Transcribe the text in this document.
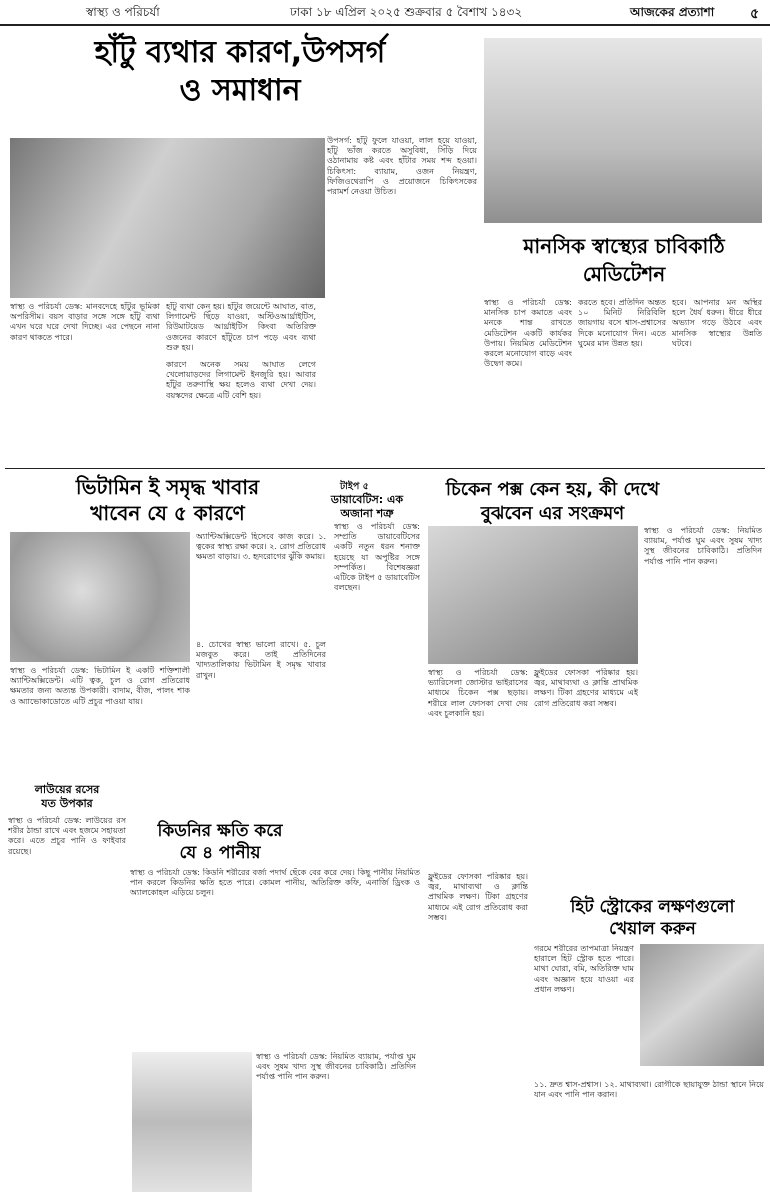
স্বাস্থ্য ও পরিচর্যা	ঢাকা ১৮ এপ্রিল ২০২৫ শুক্রবার ৫ বৈশাখ ১৪৩২	আজকের প্রত্যাশা	৫
হাঁটু ব্যথার কারণ,উপসর্গ
ও সমাধান
স্বাস্থ্য ও পরিচর্যা ডেস্ক: মানবদেহে হাঁটুর ভূমিকা অপরিসীম। বয়স বাড়ার সঙ্গে সঙ্গে হাঁটু ব্যথা এখন ঘরে ঘরে দেখা দিচ্ছে। এর পেছনে নানা কারণ থাকতে পারে।
হাঁটু ব্যথা কেন হয়। হাঁটুর জয়েন্টে আঘাত, বাত, লিগামেন্ট ছিঁড়ে যাওয়া, অস্টিওআর্থ্রাইটিস, রিউমাটয়েড আর্থ্রাইটিস কিংবা অতিরিক্ত ওজনের কারণে হাঁটুতে চাপ পড়ে এবং ব্যথা শুরু হয়।
কারণে অনেক সময় আঘাত লেগে খেলোয়াড়দের লিগামেন্ট ইনজুরি হয়। আবার হাঁটুর তরুণাস্থি ক্ষয় হলেও ব্যথা দেখা দেয়। বয়স্কদের ক্ষেত্রে এটি বেশি হয়।
উপসর্গ: হাঁটু ফুলে যাওয়া, লাল হয়ে যাওয়া, হাঁটু ভাঁজ করতে অসুবিধা, সিঁড়ি দিয়ে ওঠানামায় কষ্ট এবং হাঁটার সময় শব্দ হওয়া। চিকিৎসা: ব্যায়াম, ওজন নিয়ন্ত্রণ, ফিজিওথেরাপি ও প্রয়োজনে চিকিৎসকের পরামর্শ নেওয়া উচিত।
মানসিক স্বাস্থ্যের চাবিকাঠি
মেডিটেশন
স্বাস্থ্য ও পরিচর্যা ডেস্ক: মানসিক চাপ কমাতে এবং মনকে শান্ত রাখতে মেডিটেশন একটি কার্যকর উপায়। নিয়মিত মেডিটেশন করলে মনোযোগ বাড়ে এবং উদ্বেগ কমে।
করতে হবে। প্রতিদিন অন্তত ১০ মিনিট নিরিবিলি জায়গায় বসে শ্বাস-প্রশ্বাসের দিকে মনোযোগ দিন। এতে ঘুমের মান উন্নত হয়।
হবে। আপনার মন অস্থির হলে ধৈর্য ধরুন। ধীরে ধীরে অভ্যাস গড়ে উঠবে এবং মানসিক স্বাস্থ্যের উন্নতি ঘটবে।
ভিটামিন ই সমৃদ্ধ খাবার
খাবেন যে ৫ কারণে
স্বাস্থ্য ও পরিচর্যা ডেস্ক: ভিটামিন ই একটি শক্তিশালী অ্যান্টিঅক্সিডেন্ট। এটি ত্বক, চুল ও রোগ প্রতিরোধ ক্ষমতার জন্য অত্যন্ত উপকারী। বাদাম, বীজ, পালং শাক ও অ্যাভোকাডোতে এটি প্রচুর পাওয়া যায়।
অ্যান্টিঅক্সিডেন্ট হিসেবে কাজ করে। ১. ত্বকের স্বাস্থ্য রক্ষা করে। ২. রোগ প্রতিরোধ ক্ষমতা বাড়ায়। ৩. হৃদরোগের ঝুঁকি কমায়।
৪. চোখের স্বাস্থ্য ভালো রাখে। ৫. চুল মজবুত করে। তাই প্রতিদিনের খাদ্যতালিকায় ভিটামিন ই সমৃদ্ধ খাবার রাখুন।
টাইপ ৫
ডায়াবেটিস: এক
অজানা শত্রু
স্বাস্থ্য ও পরিচর্যা ডেস্ক: সম্প্রতি ডায়াবেটিসের একটি নতুন ধরন শনাক্ত হয়েছে যা অপুষ্টির সঙ্গে সম্পর্কিত। বিশেষজ্ঞরা এটিকে টাইপ ৫ ডায়াবেটিস বলছেন।
চিকেন পক্স কেন হয়, কী দেখে
বুঝবেন এর সংক্রমণ
স্বাস্থ্য ও পরিচর্যা ডেস্ক: ভ্যারিসেলা জোস্টার ভাইরাসের মাধ্যমে চিকেন পক্স ছড়ায়। শরীরে লাল ফোসকা দেখা দেয় এবং চুলকানি হয়।
ফ্লুইডের ফোসকা পরিষ্কার হয়। জ্বর, মাথাব্যথা ও ক্লান্তি প্রাথমিক লক্ষণ। টিকা গ্রহণের মাধ্যমে এই রোগ প্রতিরোধ করা সম্ভব।
স্বাস্থ্য ও পরিচর্যা ডেস্ক: নিয়মিত ব্যায়াম, পর্যাপ্ত ঘুম এবং সুষম খাদ্য সুস্থ জীবনের চাবিকাঠি। প্রতিদিন পর্যাপ্ত পানি পান করুন।
লাউয়ের রসের
যত উপকার
স্বাস্থ্য ও পরিচর্যা ডেস্ক: লাউয়ের রস শরীর ঠান্ডা রাখে এবং হজমে সহায়তা করে। এতে প্রচুর পানি ও ফাইবার রয়েছে।
কিডনির ক্ষতি করে
যে ৪ পানীয়
স্বাস্থ্য ও পরিচর্যা ডেস্ক: কিডনি শরীরের বর্জ্য পদার্থ ছেঁকে বের করে দেয়। কিছু পানীয় নিয়মিত পান করলে কিডনির ক্ষতি হতে পারে। কোমল পানীয়, অতিরিক্ত কফি, এনার্জি ড্রিংক ও অ্যালকোহল এড়িয়ে চলুন।
স্বাস্থ্য ও পরিচর্যা ডেস্ক: নিয়মিত ব্যায়াম, পর্যাপ্ত ঘুম এবং সুষম খাদ্য সুস্থ জীবনের চাবিকাঠি। প্রতিদিন পর্যাপ্ত পানি পান করুন।
ফ্লুইডের ফোসকা পরিষ্কার হয়। জ্বর, মাথাব্যথা ও ক্লান্তি প্রাথমিক লক্ষণ। টিকা গ্রহণের মাধ্যমে এই রোগ প্রতিরোধ করা সম্ভব।
হিট স্ট্রোকের লক্ষণগুলো
খেয়াল করুন
গরমে শরীরের তাপমাত্রা নিয়ন্ত্রণ হারালে হিট স্ট্রোক হতে পারে। মাথা ঘোরা, বমি, অতিরিক্ত ঘাম এবং অজ্ঞান হয়ে যাওয়া এর প্রধান লক্ষণ।
১১. দ্রুত শ্বাস-প্রশ্বাস। ১২. মাথাব্যথা। রোগীকে ছায়াযুক্ত ঠান্ডা স্থানে নিয়ে যান এবং পানি পান করান।
